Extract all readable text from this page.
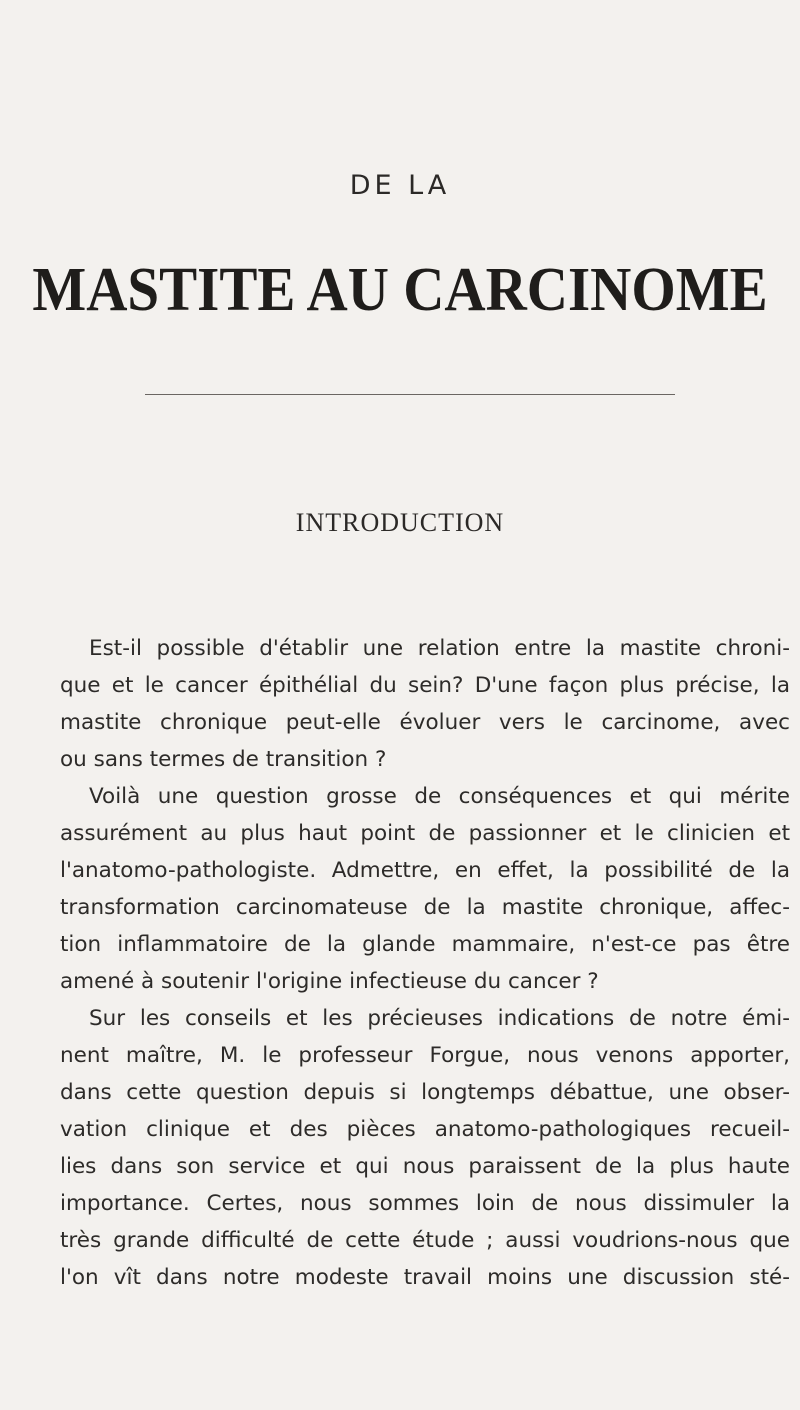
DE LA
MASTITE AU CARCINOME
INTRODUCTION
Est-il possible d'établir une relation entre la mastite chroni-
que et le cancer épithélial du sein? D'une façon plus précise, la
mastite chronique peut-elle évoluer vers le carcinome, avec
ou sans termes de transition ?
Voilà une question grosse de conséquences et qui mérite
assurément au plus haut point de passionner et le clinicien et
l'anatomo-pathologiste. Admettre, en effet, la possibilité de la
transformation carcinomateuse de la mastite chronique, affec-
tion inflammatoire de la glande mammaire, n'est-ce pas être
amené à soutenir l'origine infectieuse du cancer ?
Sur les conseils et les précieuses indications de notre émi-
nent maître, M. le professeur Forgue, nous venons apporter,
dans cette question depuis si longtemps débattue, une obser-
vation clinique et des pièces anatomo-pathologiques recueil-
lies dans son service et qui nous paraissent de la plus haute
importance. Certes, nous sommes loin de nous dissimuler la
très grande difficulté de cette étude ; aussi voudrions-nous que
l'on vît dans notre modeste travail moins une discussion sté-
